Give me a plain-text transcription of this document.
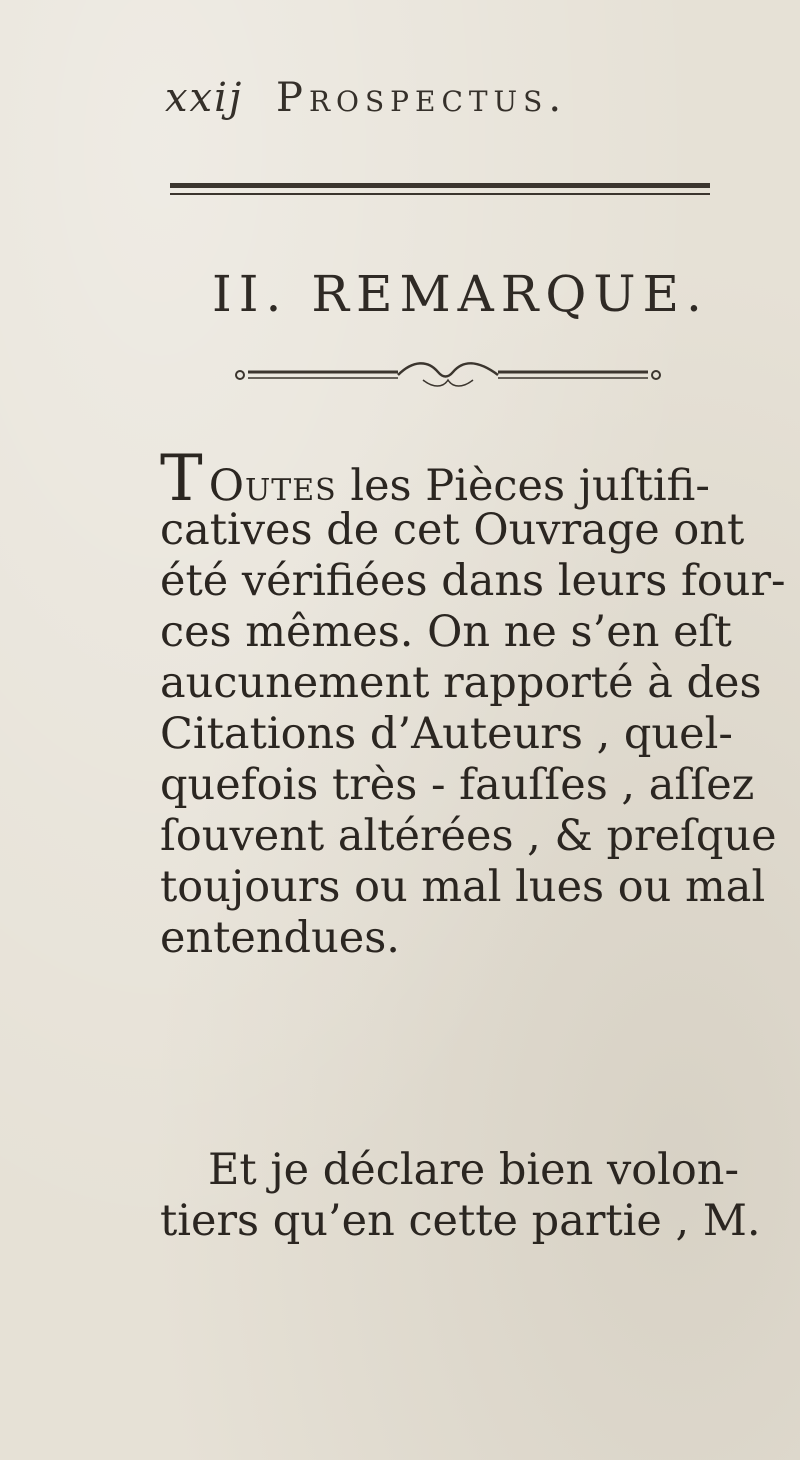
xxij Prospectus.
II. REMARQUE.
T Outes les Pièces juſtifi-
catives de cet Ouvrage ont
été vérifiées dans leurs four-
ces mêmes. On ne s’en eſt
aucunement rapporté à des
Citations d’Auteurs , quel-
quefois très - fauſſes , aſſez
ſouvent altérées , & preſque
toujours ou mal lues ou mal
entendues.
Et je déclare bien volon-
tiers qu’en cette partie , M.
